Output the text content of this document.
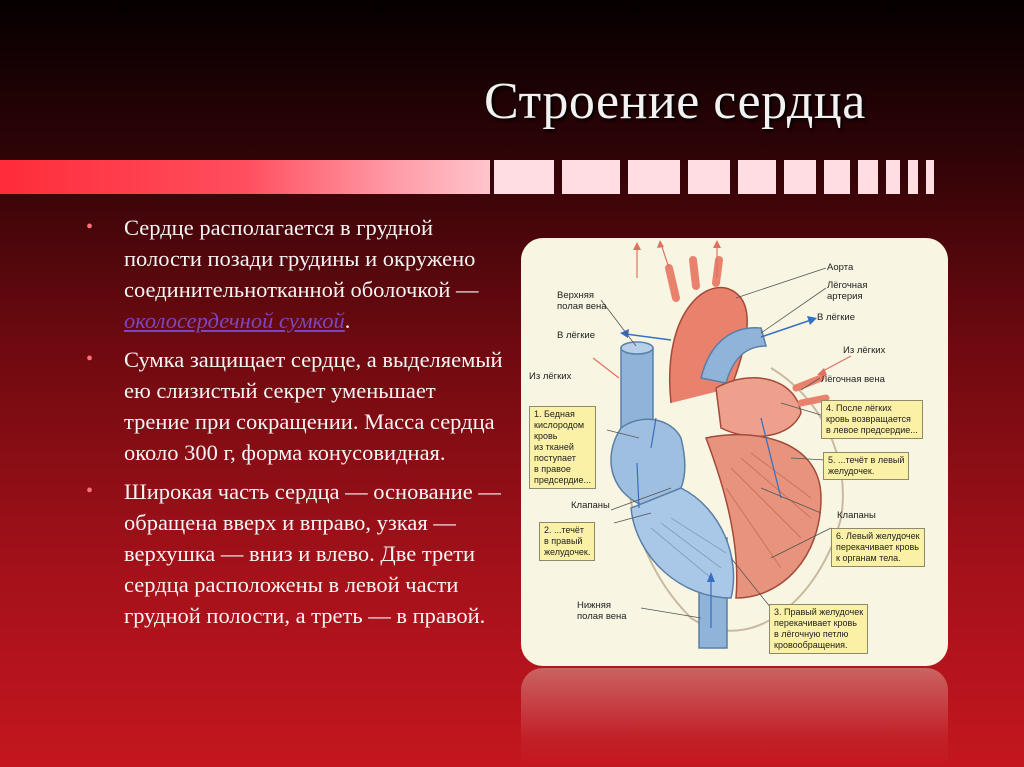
Строение сердца
• Сердце располагается в грудной полости позади грудины и окружено соединительнотканной оболочкой —околосердечной сумкой.
• Сумка защищает сердце, а выделяемый ею слизистый секрет уменьшает трение при сокращении. Масса сердца около 300 г, форма конусовидная.
• Широкая часть сердца — основание — обращена вверх и вправо, узкая — верхушка — вниз и влево. Две трети сердца расположены в левой части грудной полости, а треть — в правой.
Аорта
Лёгочная
артерия
В лёгкие
Из лёгких
Лёгочная вена
Верхняя
полая вена
В лёгкие
Из лёгких
Клапаны
Клапаны
Нижняя
полая вена
1. Бедная
кислородом
кровь
из тканей
поступает
в правое
предсердие...
2. ...течёт
в правый
желудочек.
3. Правый желудочек
перекачивает кровь
в лёгочную петлю
кровообращения.
4. После лёгких
кровь возвращается
в левое предсердие...
5. ...течёт в левый
желудочек.
6. Левый желудочек
перекачивает кровь
к органам тела.
